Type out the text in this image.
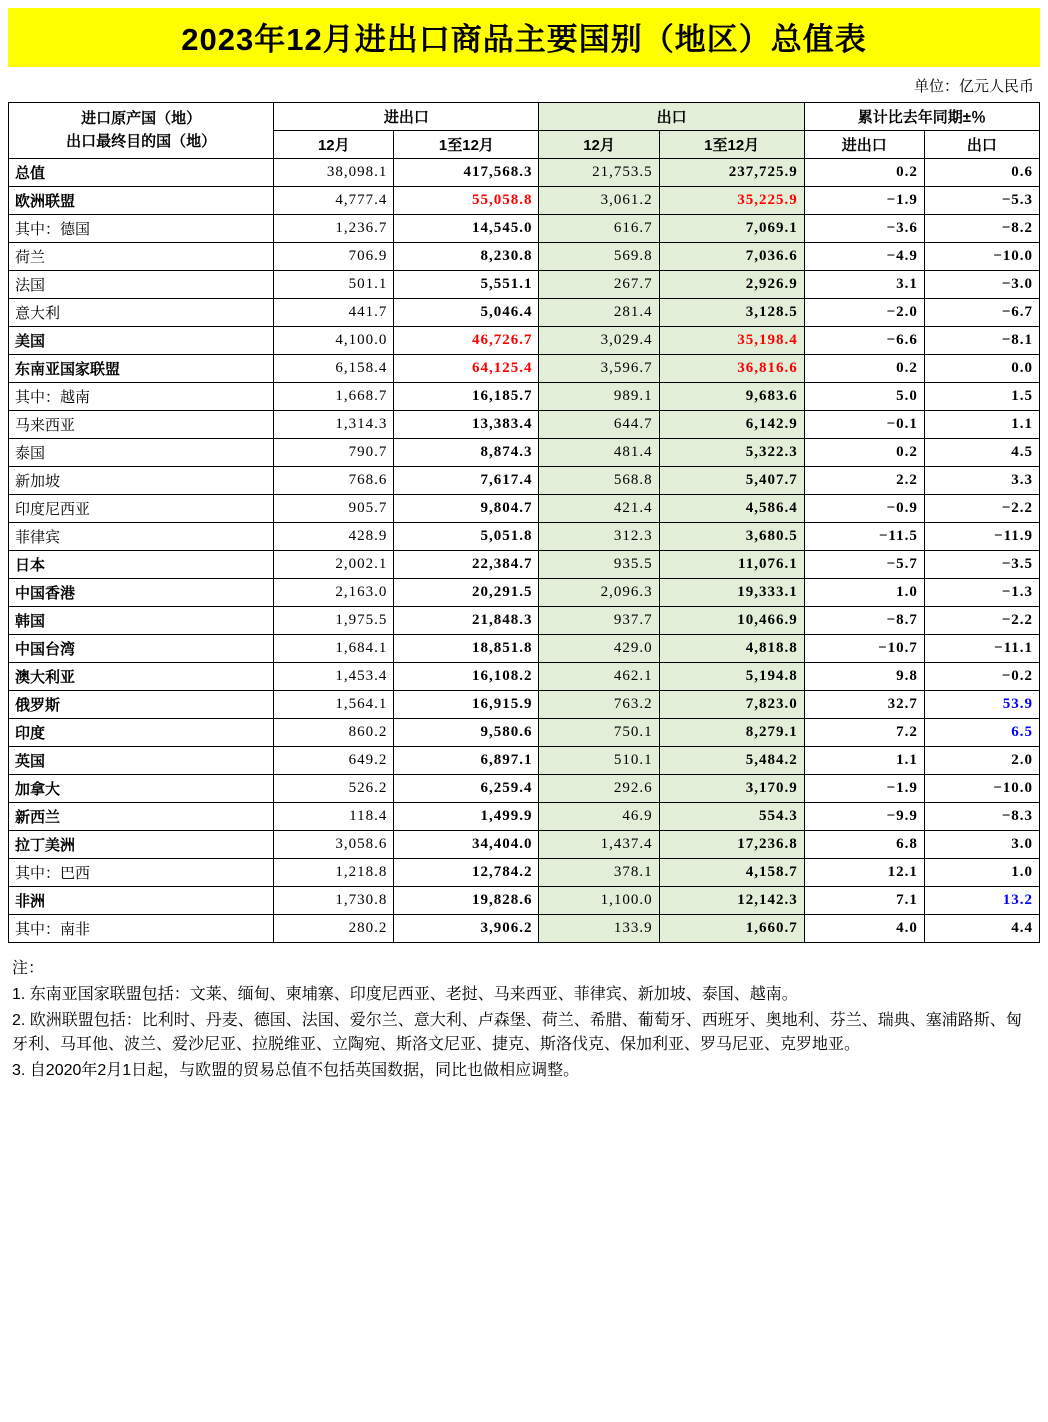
2023年12月进出口商品主要国别（地区）总值表
单位：亿元人民币
进口原产国（地）
出口最终目的国（地）	进出口		出口		累计比去年同期±％	
	12月	1至12月	12月	1至12月	进出口	出口
总值	38,098.1	417,568.3	21,753.5	237,725.9	0.2	0.6
欧洲联盟	4,777.4	55,058.8	3,061.2	35,225.9	−1.9	−5.3
其中：德国	1,236.7	14,545.0	616.7	7,069.1	−3.6	−8.2
荷兰	706.9	8,230.8	569.8	7,036.6	−4.9	−10.0
法国	501.1	5,551.1	267.7	2,926.9	3.1	−3.0
意大利	441.7	5,046.4	281.4	3,128.5	−2.0	−6.7
美国	4,100.0	46,726.7	3,029.4	35,198.4	−6.6	−8.1
东南亚国家联盟	6,158.4	64,125.4	3,596.7	36,816.6	0.2	0.0
其中：越南	1,668.7	16,185.7	989.1	9,683.6	5.0	1.5
马来西亚	1,314.3	13,383.4	644.7	6,142.9	−0.1	1.1
泰国	790.7	8,874.3	481.4	5,322.3	0.2	4.5
新加坡	768.6	7,617.4	568.8	5,407.7	2.2	3.3
印度尼西亚	905.7	9,804.7	421.4	4,586.4	−0.9	−2.2
菲律宾	428.9	5,051.8	312.3	3,680.5	−11.5	−11.9
日本	2,002.1	22,384.7	935.5	11,076.1	−5.7	−3.5
中国香港	2,163.0	20,291.5	2,096.3	19,333.1	1.0	−1.3
韩国	1,975.5	21,848.3	937.7	10,466.9	−8.7	−2.2
中国台湾	1,684.1	18,851.8	429.0	4,818.8	−10.7	−11.1
澳大利亚	1,453.4	16,108.2	462.1	5,194.8	9.8	−0.2
俄罗斯	1,564.1	16,915.9	763.2	7,823.0	32.7	53.9
印度	860.2	9,580.6	750.1	8,279.1	7.2	6.5
英国	649.2	6,897.1	510.1	5,484.2	1.1	2.0
加拿大	526.2	6,259.4	292.6	3,170.9	−1.9	−10.0
新西兰	118.4	1,499.9	46.9	554.3	−9.9	−8.3
拉丁美洲	3,058.6	34,404.0	1,437.4	17,236.8	6.8	3.0
其中：巴西	1,218.8	12,784.2	378.1	4,158.7	12.1	1.0
非洲	1,730.8	19,828.6	1,100.0	12,142.3	7.1	13.2
其中：南非	280.2	3,906.2	133.9	1,660.7	4.0	4.4
注：
1. 东南亚国家联盟包括：文莱、缅甸、柬埔寨、印度尼西亚、老挝、马来西亚、菲律宾、新加坡、泰国、越南。
2. 欧洲联盟包括：比利时、丹麦、德国、法国、爱尔兰、意大利、卢森堡、荷兰、希腊、葡萄牙、西班牙、奥地利、芬兰、瑞典、塞浦路斯、匈牙利、马耳他、波兰、爱沙尼亚、拉脱维亚、立陶宛、斯洛文尼亚、捷克、斯洛伐克、保加利亚、罗马尼亚、克罗地亚。
3. 自2020年2月1日起，与欧盟的贸易总值不包括英国数据，同比也做相应调整。
